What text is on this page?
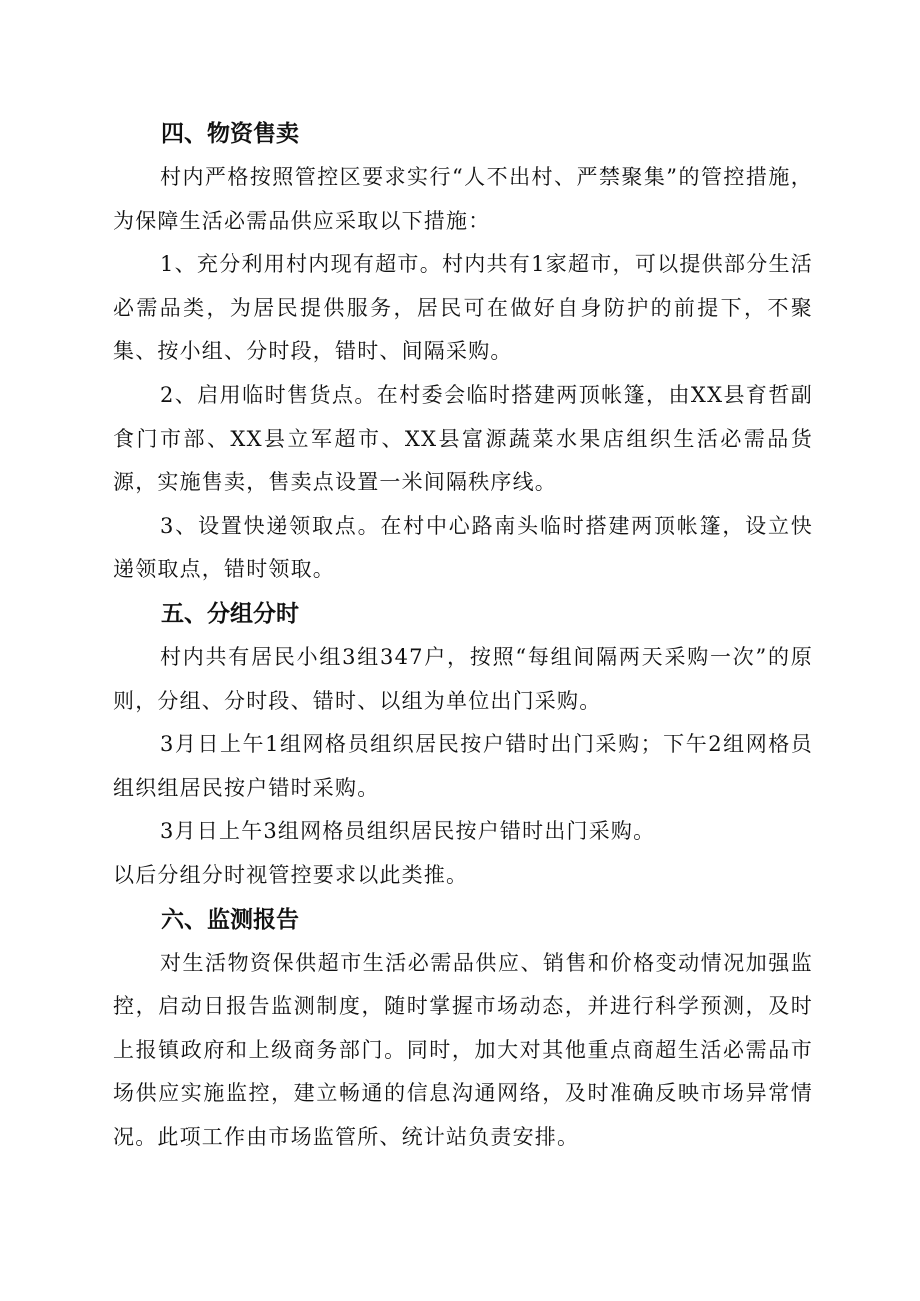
四、物资售卖

村内严格按照管控区要求实行“人不出村、严禁聚集”的管控措施，为保障生活必需品供应采取以下措施：

1、充分利用村内现有超市。村内共有1家超市，可以提供部分生活必需品类，为居民提供服务，居民可在做好自身防护的前提下，不聚集、按小组、分时段，错时、间隔采购。

2、启用临时售货点。在村委会临时搭建两顶帐篷，由XX县育哲副食门市部、XX县立军超市、XX县富源蔬菜水果店组织生活必需品货源，实施售卖，售卖点设置一米间隔秩序线。

3、设置快递领取点。在村中心路南头临时搭建两顶帐篷，设立快递领取点，错时领取。

五、分组分时

村内共有居民小组3组347户，按照“每组间隔两天采购一次”的原则，分组、分时段、错时、以组为单位出门采购。

3月日上午1组网格员组织居民按户错时出门采购；下午2组网格员组织组居民按户错时采购。

3月日上午3组网格员组织居民按户错时出门采购。

以后分组分时视管控要求以此类推。

六、监测报告

对生活物资保供超市生活必需品供应、销售和价格变动情况加强监控，启动日报告监测制度，随时掌握市场动态，并进行科学预测，及时上报镇政府和上级商务部门。同时，加大对其他重点商超生活必需品市场供应实施监控，建立畅通的信息沟通网络，及时准确反映市场异常情况。此项工作由市场监管所、统计站负责安排。
